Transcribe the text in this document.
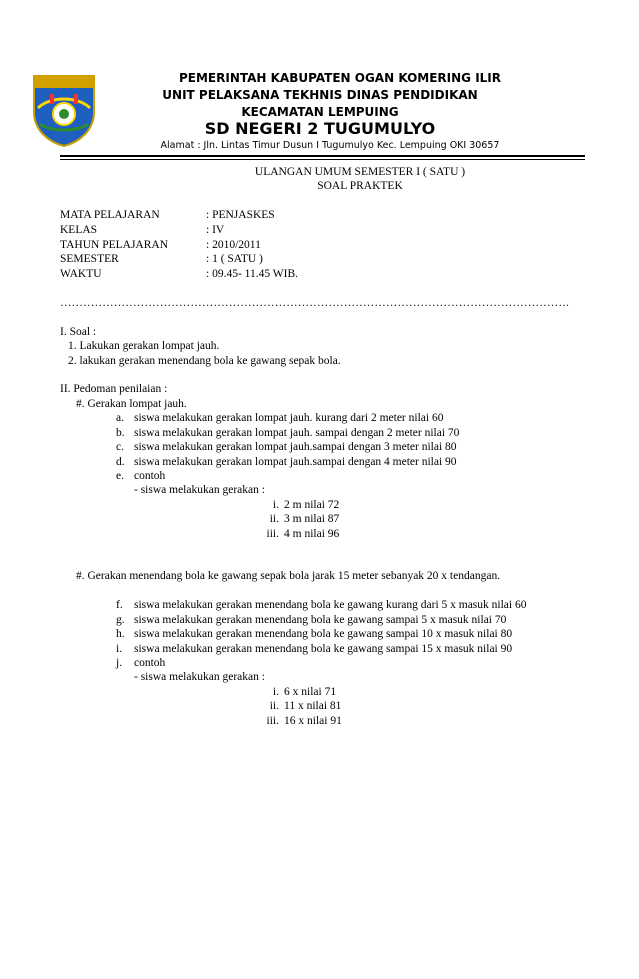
PEMERINTAH KABUPATEN OGAN KOMERING ILIR
UNIT PELAKSANA TEKHNIS DINAS PENDIDIKAN
KECAMATAN LEMPUING
SD NEGERI 2 TUGUMULYO
Alamat : Jln. Lintas Timur Dusun I Tugumulyo Kec. Lempuing OKI 30657
ULANGAN UMUM SEMESTER I ( SATU )
SOAL PRAKTEK
MATA PELAJARAN	: PENJASKES
KELAS	: IV
TAHUN PELAJARAN	: 2010/2011
SEMESTER	: 1 ( SATU )
WAKTU	: 09.45- 11.45 WIB.
…………………………………………………………………………………………………………………….
I. Soal :
1. Lakukan gerakan lompat jauh.
2. lakukan gerakan menendang bola ke gawang sepak bola.
II. Pedoman penilaian :
#. Gerakan lompat jauh.
a. siswa melakukan gerakan lompat jauh. kurang dari 2 meter nilai 60
b. siswa melakukan gerakan lompat jauh. sampai dengan 2 meter nilai 70
c. siswa melakukan gerakan lompat jauh.sampai dengan 3 meter nilai 80
d. siswa melakukan gerakan lompat jauh.sampai dengan 4 meter nilai 90
e. contoh
- siswa melakukan gerakan :
i. 2 m nilai 72
ii. 3 m nilai 87
iii. 4 m nilai 96
#. Gerakan menendang bola ke gawang sepak bola jarak 15 meter sebanyak 20 x tendangan.
f. siswa melakukan gerakan menendang bola ke gawang kurang dari 5 x masuk nilai 60
g. siswa melakukan gerakan menendang bola ke gawang sampai 5 x masuk nilai 70
h. siswa melakukan gerakan menendang bola ke gawang sampai 10 x masuk nilai 80
i. siswa melakukan gerakan menendang bola ke gawang sampai 15 x masuk nilai 90
j. contoh
- siswa melakukan gerakan :
i. 6 x nilai 71
ii. 11 x nilai 81
iii. 16 x nilai 91
